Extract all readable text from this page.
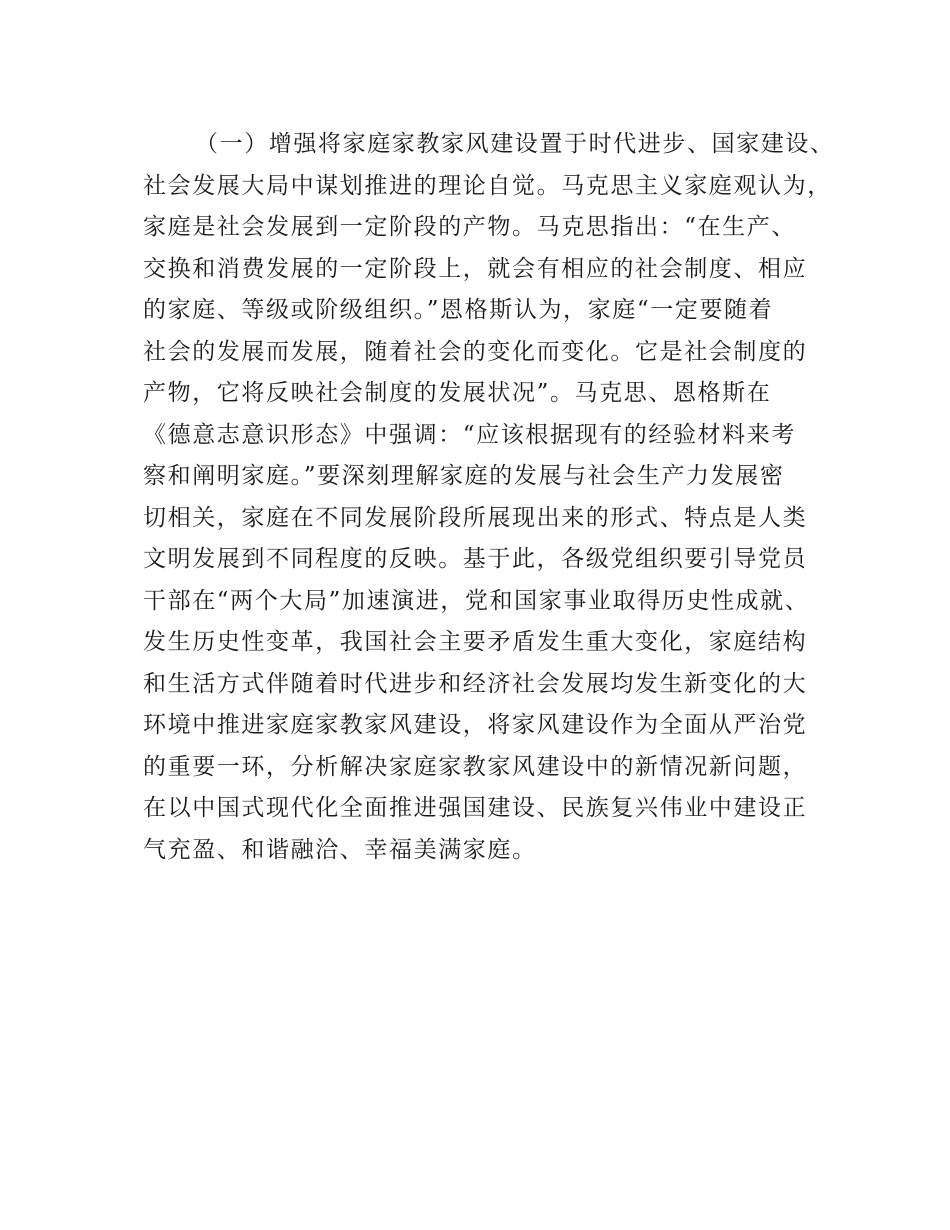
（一）增强将家庭家教家风建设置于时代进步、国家建设、
社会发展大局中谋划推进的理论自觉。马克思主义家庭观认为，
家庭是社会发展到一定阶段的产物。马克思指出：“在生产、
交换和消费发展的一定阶段上，就会有相应的社会制度、相应
的家庭、等级或阶级组织。”恩格斯认为，家庭“一定要随着
社会的发展而发展，随着社会的变化而变化。它是社会制度的
产物，它将反映社会制度的发展状况”。马克思、恩格斯在
《德意志意识形态》中强调：“应该根据现有的经验材料来考
察和阐明家庭。”要深刻理解家庭的发展与社会生产力发展密
切相关，家庭在不同发展阶段所展现出来的形式、特点是人类
文明发展到不同程度的反映。基于此，各级党组织要引导党员
干部在“两个大局”加速演进，党和国家事业取得历史性成就、
发生历史性变革，我国社会主要矛盾发生重大变化，家庭结构
和生活方式伴随着时代进步和经济社会发展均发生新变化的大
环境中推进家庭家教家风建设，将家风建设作为全面从严治党
的重要一环，分析解决家庭家教家风建设中的新情况新问题，
在以中国式现代化全面推进强国建设、民族复兴伟业中建设正
气充盈、和谐融洽、幸福美满家庭。
